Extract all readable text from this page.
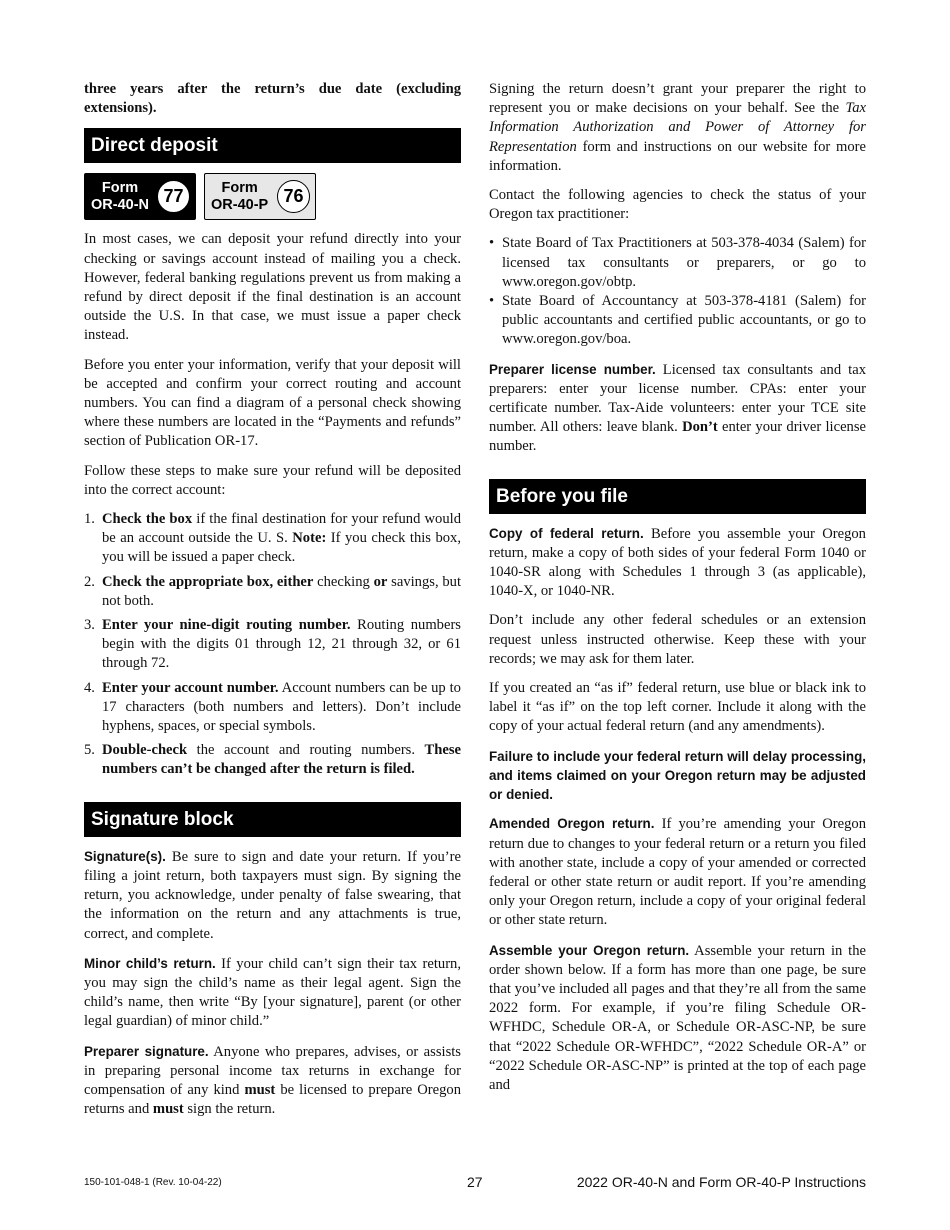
three years after the return’s due date (excluding extensions).

Direct deposit
Form
OR-40-N 77	Form
OR-40-P 76

In most cases, we can deposit your refund directly into your checking or savings account instead of mailing you a check. However, federal banking regulations prevent us from making a refund by direct deposit if the final destination is an account outside the U.S. In that case, we must issue a paper check instead.

Before you enter your information, verify that your deposit will be accepted and confirm your correct routing and account numbers. You can find a diagram of a personal check showing where these numbers are located in the “Payments and refunds” section of Publication OR-17.

Follow these steps to make sure your refund will be deposited into the correct account:

1. Check the box if the final destination for your refund would be an account outside the U. S. Note: If you check this box, you will be issued a paper check.
2. Check the appropriate box, either checking or savings, but not both.
3. Enter your nine-digit routing number. Routing numbers begin with the digits 01 through 12, 21 through 32, or 61 through 72.
4. Enter your account number. Account numbers can be up to 17 characters (both numbers and letters). Don’t include hyphens, spaces, or special symbols.
5. Double-check the account and routing numbers. These numbers can’t be changed after the return is filed.
Signature block

Signature(s). Be sure to sign and date your return. If you’re filing a joint return, both taxpayers must sign. By signing the return, you acknowledge, under penalty of false swearing, that the information on the return and any attachments is true, correct, and complete.

Minor child’s return. If your child can’t sign their tax return, you may sign the child’s name as their legal agent. Sign the child’s name, then write “By [your signature], parent (or other legal guardian) of minor child.”

Preparer signature. Anyone who prepares, advises, or assists in preparing personal income tax returns in exchange for compensation of any kind must be licensed to prepare Oregon returns and must sign the return.

Signing the return doesn’t grant your preparer the right to represent you or make decisions on your behalf. See the Tax Information Authorization and Power of Attorney for Representation form and instructions on our website for more information.

Contact the following agencies to check the status of your Oregon tax practitioner:

• State Board of Tax Practitioners at 503-378-4034 (Salem) for licensed tax consultants or preparers, or go to www.oregon.gov/obtp.
• State Board of Accountancy at 503-378-4181 (Salem) for public accountants and certified public accountants, or go to www.oregon.gov/boa.

Preparer license number. Licensed tax consultants and tax preparers: enter your license number. CPAs: enter your certificate number. Tax-Aide volunteers: enter your TCE site number. All others: leave blank. Don’t enter your driver license number.

Before you file

Copy of federal return. Before you assemble your Oregon return, make a copy of both sides of your federal Form 1040 or 1040-SR along with Schedules 1 through 3 (as applicable), 1040-X, or 1040-NR.

Don’t include any other federal schedules or an extension request unless instructed otherwise. Keep these with your records; we may ask for them later.

If you created an “as if” federal return, use blue or black ink to label it “as if” on the top left corner. Include it along with the copy of your actual federal return (and any amendments).

Failure to include your federal return will delay processing, and items claimed on your Oregon return may be adjusted or denied.

Amended Oregon return. If you’re amending your Oregon return due to changes to your federal return or a return you filed with another state, include a copy of your amended or corrected federal or other state return or audit report. If you’re amending only your Oregon return, include a copy of your original federal or other state return.

Assemble your Oregon return. Assemble your return in the order shown below. If a form has more than one page, be sure that you’ve included all pages and that they’re all from the same 2022 form. For example, if you’re filing Schedule OR-WFHDC, Schedule OR-A, or Schedule OR-ASC-NP, be sure that “2022 Schedule OR-WFHDC”, “2022 Schedule OR-A” or “2022 Schedule OR-ASC-NP” is printed at the top of each page and

150-101-048-1 (Rev. 10-04-22)	27	2022 OR-40-N and Form OR-40-P Instructions
